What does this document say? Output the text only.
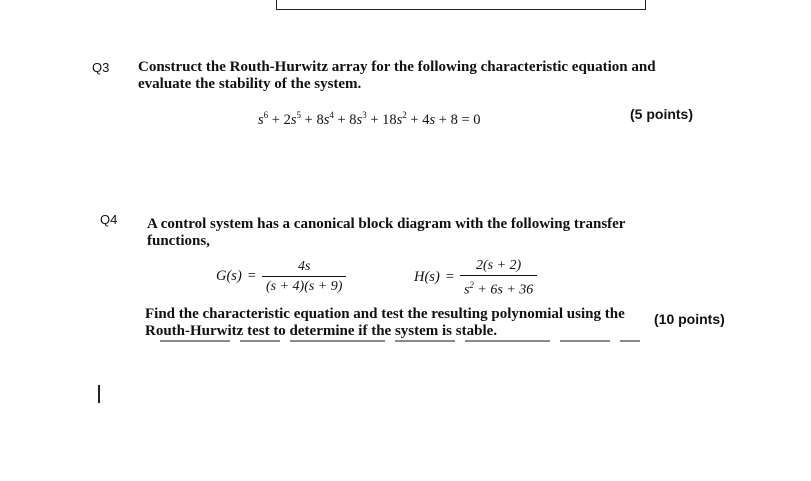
Q3 Construct the Routh-Hurwitz array for the following characteristic equation and
evaluate the stability of the system.
$s^6 + 2s^5 + 8s^4 + 8s^3 + 18s^2 + 4s + 8 = 0$	(5 points)
Q4 A control system has a canonical block diagram with the following transfer
functions,
$G(s) = \frac{4s}{(s + 4)(s + 9)}$	$H(s) = \frac{2(s + 2)}{s^2 + 6s + 36}$
Find the characteristic equation and test the resulting polynomial using the
Routh-Hurwitz test to determine if the system is stable.
(10 points)
